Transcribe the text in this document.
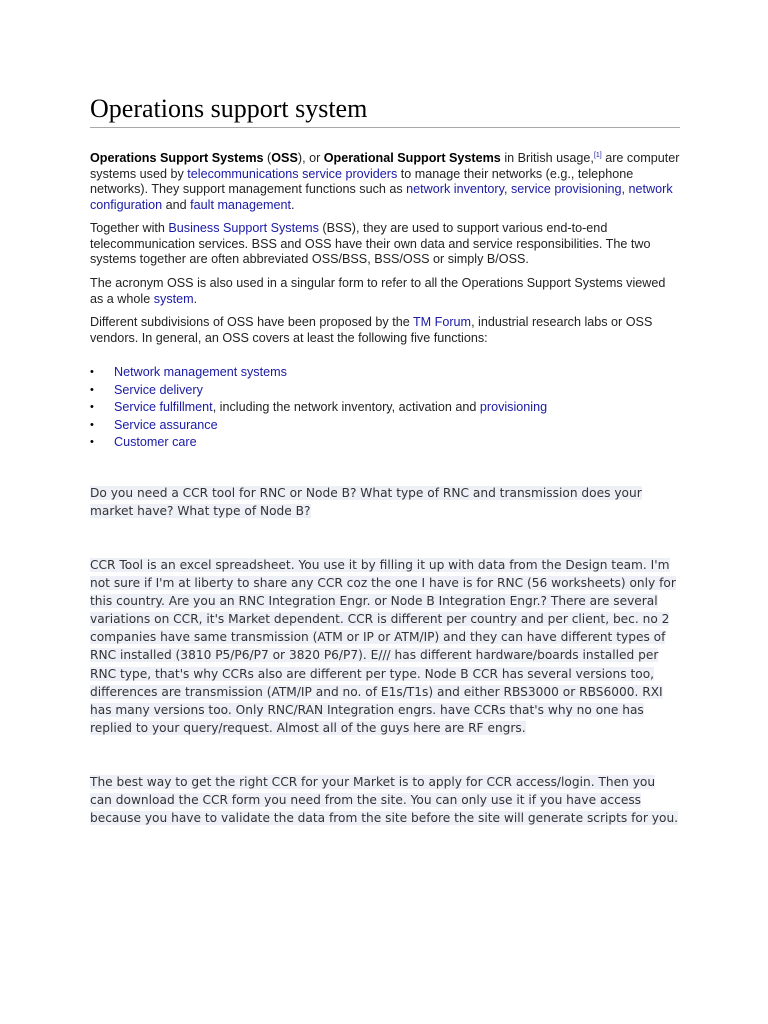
Operations support system

Operations Support Systems (OSS), or Operational Support Systems in British usage,[1] are computer systems used by telecommunications service providers to manage their networks (e.g., telephone networks). They support management functions such as network inventory, service provisioning, network configuration and fault management.

Together with Business Support Systems (BSS), they are used to support various end-to-end telecommunication services. BSS and OSS have their own data and service responsibilities. The two systems together are often abbreviated OSS/BSS, BSS/OSS or simply B/OSS.

The acronym OSS is also used in a singular form to refer to all the Operations Support Systems viewed as a whole system.

Different subdivisions of OSS have been proposed by the TM Forum, industrial research labs or OSS vendors. In general, an OSS covers at least the following five functions:

• Network management systems
• Service delivery
• Service fulfillment, including the network inventory, activation and provisioning
• Service assurance
• Customer care

Do you need a CCR tool for RNC or Node B? What type of RNC and transmission does your market have? What type of Node B?

CCR Tool is an excel spreadsheet. You use it by filling it up with data from the Design team. I'm not sure if I'm at liberty to share any CCR coz the one I have is for RNC (56 worksheets) only for this country. Are you an RNC Integration Engr. or Node B Integration Engr.? There are several variations on CCR, it's Market dependent. CCR is different per country and per client, bec. no 2 companies have same transmission (ATM or IP or ATM/IP) and they can have different types of RNC installed (3810 P5/P6/P7 or 3820 P6/P7). E/// has different hardware/boards installed per RNC type, that's why CCRs also are different per type. Node B CCR has several versions too, differences are transmission (ATM/IP and no. of E1s/T1s) and either RBS3000 or RBS6000. RXI has many versions too. Only RNC/RAN Integration engrs. have CCRs that's why no one has replied to your query/request. Almost all of the guys here are RF engrs.

The best way to get the right CCR for your Market is to apply for CCR access/login. Then you can download the CCR form you need from the site. You can only use it if you have access because you have to validate the data from the site before the site will generate scripts for you.
